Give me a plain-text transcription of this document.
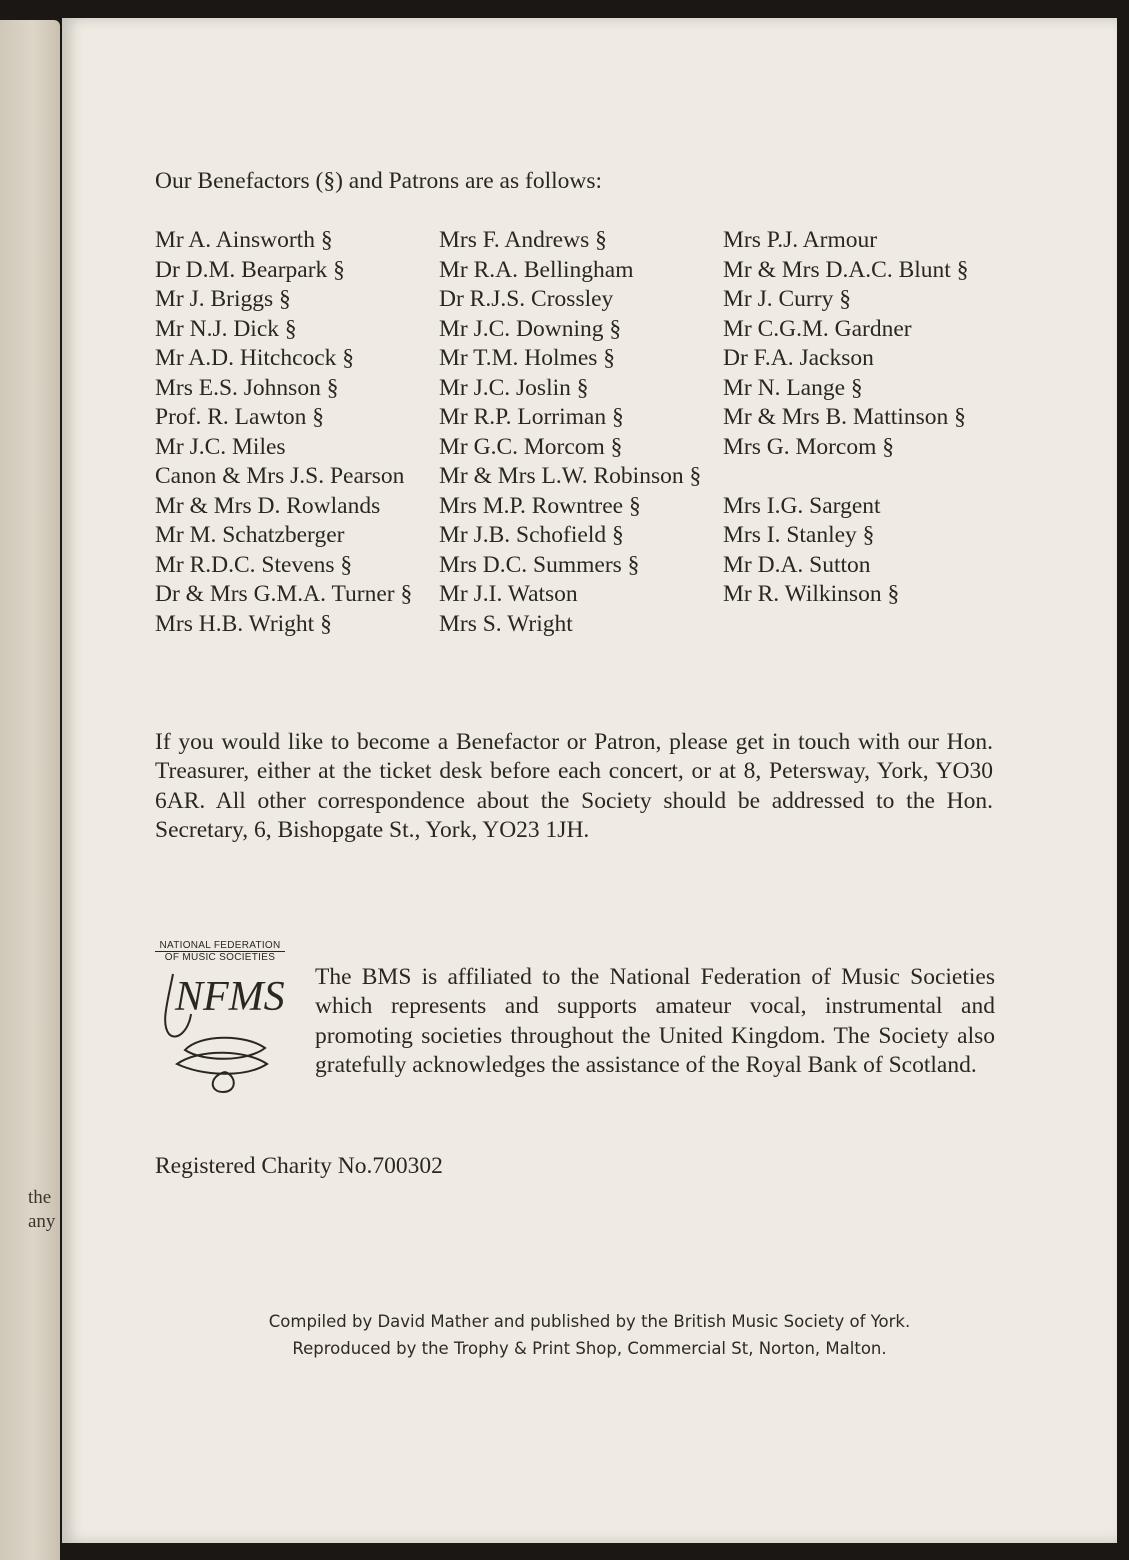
the
any
Our Benefactors (§) and Patrons are as follows:
Mr A. Ainsworth §
Dr D.M. Bearpark §
Mr J. Briggs §
Mr N.J. Dick §
Mr A.D. Hitchcock §
Mrs E.S. Johnson §
Prof. R. Lawton §
Mr J.C. Miles
Canon & Mrs J.S. Pearson
Mr & Mrs D. Rowlands
Mr M. Schatzberger
Mr R.D.C. Stevens §
Dr & Mrs G.M.A. Turner §
Mrs H.B. Wright §
Mrs F. Andrews §
Mr R.A. Bellingham
Dr R.J.S. Crossley
Mr J.C. Downing §
Mr T.M. Holmes §
Mr J.C. Joslin §
Mr R.P. Lorriman §
Mr G.C. Morcom §
Mr & Mrs L.W. Robinson §
Mrs M.P. Rowntree §
Mr J.B. Schofield §
Mrs D.C. Summers §
Mr J.I. Watson
Mrs S. Wright
Mrs P.J. Armour
Mr & Mrs D.A.C. Blunt §
Mr J. Curry §
Mr C.G.M. Gardner
Dr F.A. Jackson
Mr N. Lange §
Mr & Mrs B. Mattinson §
Mrs G. Morcom §
Mrs I.G. Sargent
Mrs I. Stanley §
Mr D.A. Sutton
Mr R. Wilkinson §

If you would like to become a Benefactor or Patron, please get in touch with our Hon. Treasurer, either at the ticket desk before each concert, or at 8, Petersway, York, YO30 6AR. All other correspondence about the Society should be addressed to the Hon. Secretary, 6, Bishopgate St., York, YO23 1JH.

NATIONAL FEDERATION
OF MUSIC SOCIETIES
NFMS The BMS is affiliated to the National Federation of Music Societies which represents and supports amateur vocal, instrumental and promoting societies throughout the United Kingdom. The Society also gratefully acknowledges the assistance of the Royal Bank of Scotland.

Registered Charity No.700302
Compiled by David Mather and published by the British Music Society of York.
Reproduced by the Trophy & Print Shop, Commercial St, Norton, Malton.
